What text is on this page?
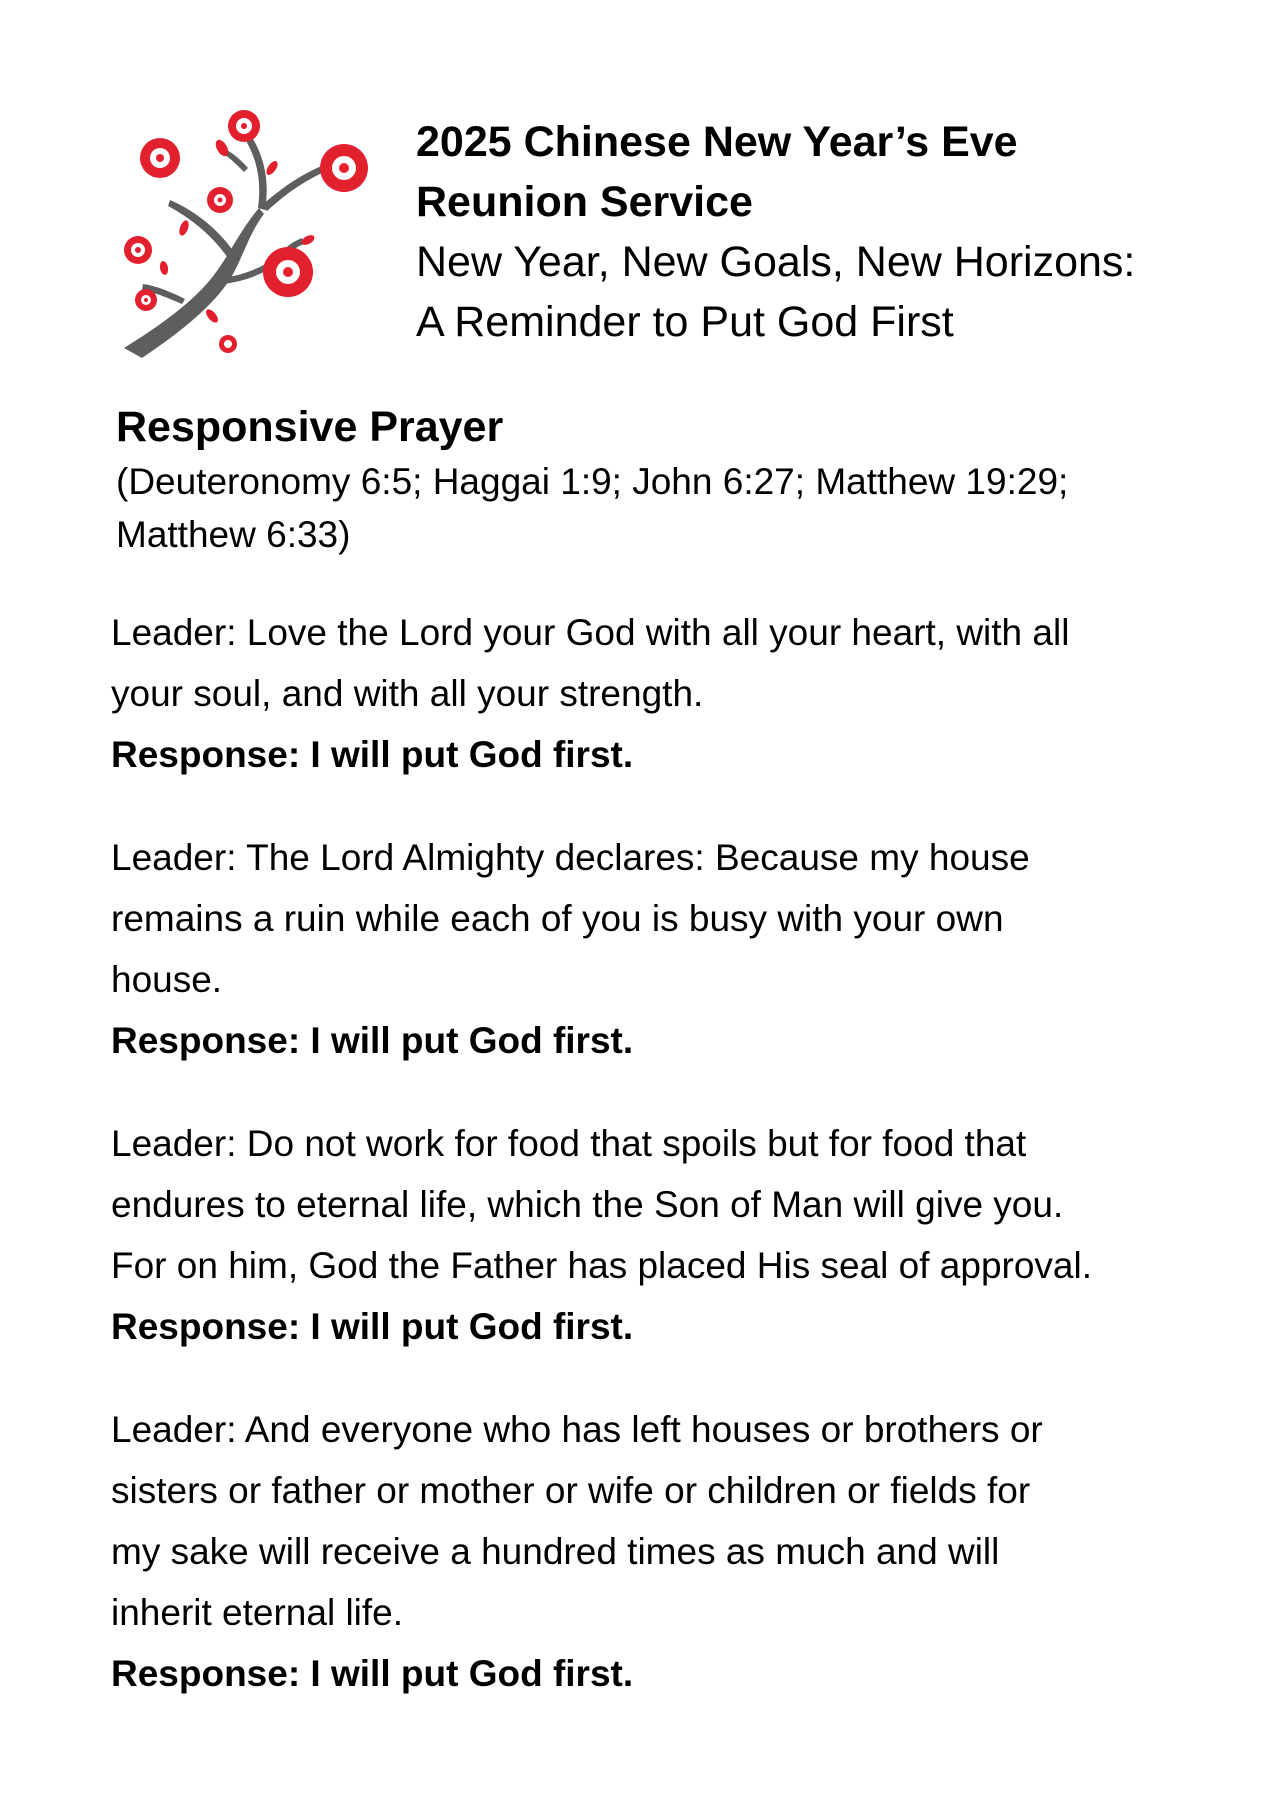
2025 Chinese New Year’s Eve
Reunion Service
New Year, New Goals, New Horizons:
A Reminder to Put God First
Responsive Prayer
(Deuteronomy 6:5; Haggai 1:9; John 6:27; Matthew 19:29;
Matthew 6:33)
Leader: Love the Lord your God with all your heart, with all
your soul, and with all your strength.
Response: I will put God first.
Leader: The Lord Almighty declares: Because my house
remains a ruin while each of you is busy with your own
house.
Response: I will put God first.
Leader: Do not work for food that spoils but for food that
endures to eternal life, which the Son of Man will give you.
For on him, God the Father has placed His seal of approval.
Response: I will put God first.
Leader: And everyone who has left houses or brothers or
sisters or father or mother or wife or children or fields for
my sake will receive a hundred times as much and will
inherit eternal life.
Response: I will put God first.
